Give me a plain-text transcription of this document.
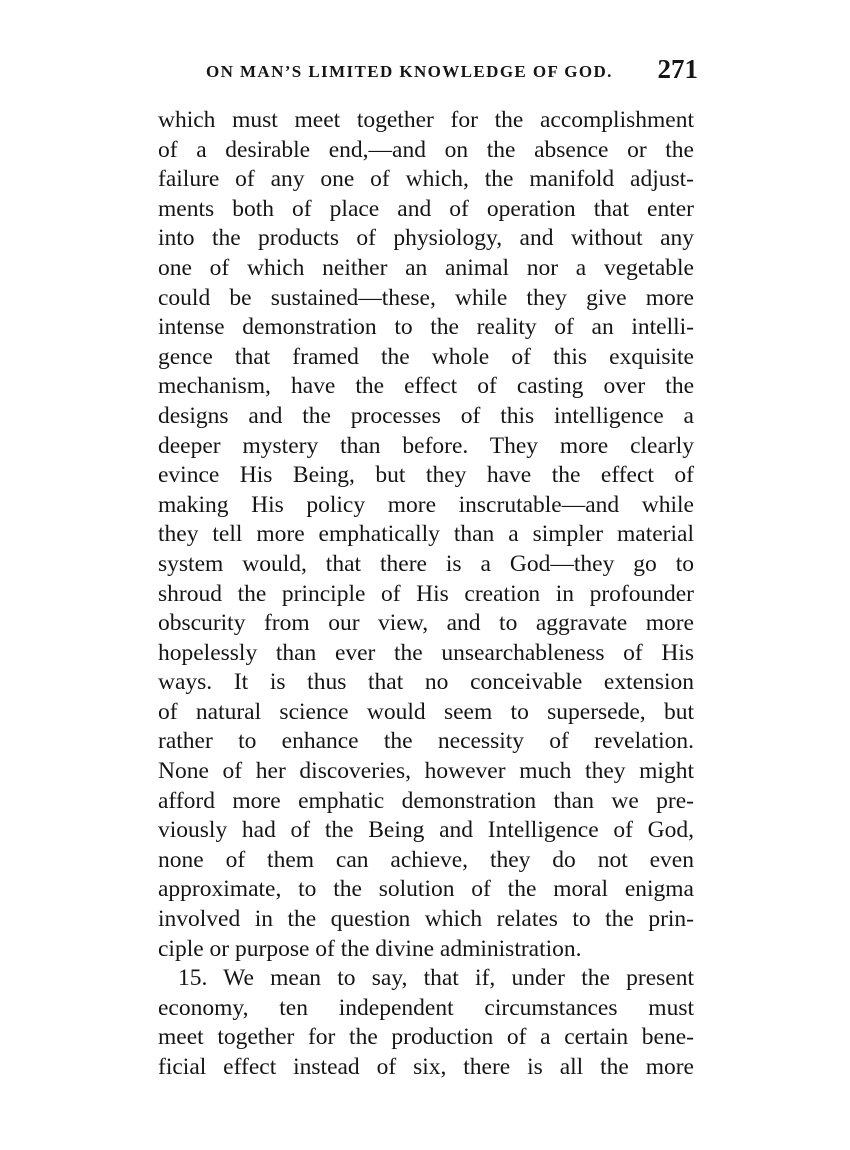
ON MAN’S LIMITED KNOWLEDGE OF GOD. 271
which must meet together for the accomplishment
of a desirable end,—and on the absence or the
failure of any one of which, the manifold adjust-
ments both of place and of operation that enter
into the products of physiology, and without any
one of which neither an animal nor a vegetable
could be sustained—these, while they give more
intense demonstration to the reality of an intelli-
gence that framed the whole of this exquisite
mechanism, have the effect of casting over the
designs and the processes of this intelligence a
deeper mystery than before. They more clearly
evince His Being, but they have the effect of
making His policy more inscrutable—and while
they tell more emphatically than a simpler material
system would, that there is a God—they go to
shroud the principle of His creation in profounder
obscurity from our view, and to aggravate more
hopelessly than ever the unsearchableness of His
ways. It is thus that no conceivable extension
of natural science would seem to supersede, but
rather to enhance the necessity of revelation.
None of her discoveries, however much they might
afford more emphatic demonstration than we pre-
viously had of the Being and Intelligence of God,
none of them can achieve, they do not even
approximate, to the solution of the moral enigma
involved in the question which relates to the prin-
ciple or purpose of the divine administration.
15. We mean to say, that if, under the present
economy, ten independent circumstances must
meet together for the production of a certain bene-
ficial effect instead of six, there is all the more
